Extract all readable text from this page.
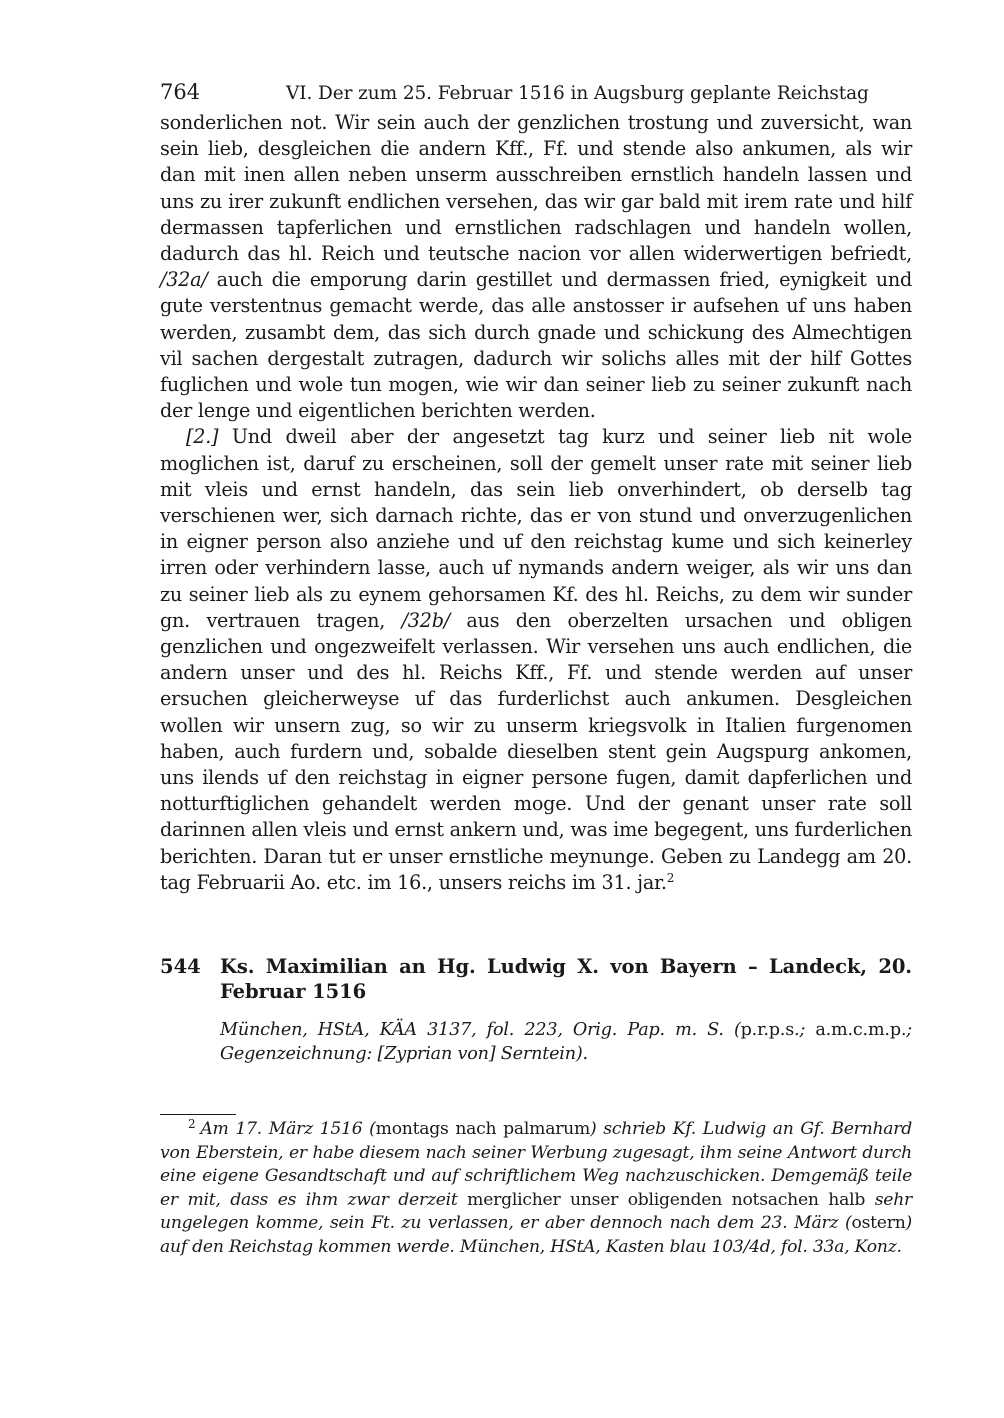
764	VI. Der zum 25. Februar 1516 in Augsburg geplante Reichstag

sonderlichen not. Wir sein auch der genzlichen trostung und zuversicht, wan sein lieb, desgleichen die andern Kff., Ff. und stende also ankumen, als wir dan mit inen allen neben unserm ausschreiben ernstlich handeln lassen und uns zu irer zukunft endlichen versehen, das wir gar bald mit irem rate und hilf dermassen tapferlichen und ernstlichen radschlagen und handeln wollen, dadurch das hl. Reich und teutsche nacion vor allen widerwertigen befriedt, /32a/ auch die emporung darin gestillet und dermassen fried, eynigkeit und gute verstentnus gemacht werde, das alle anstosser ir aufsehen uf uns haben werden, zusambt dem, das sich durch gnade und schickung des Almechtigen vil sachen dergestalt zutragen, dadurch wir solichs alles mit der hilf Gottes fuglichen und wole tun mogen, wie wir dan seiner lieb zu seiner zukunft nach der lenge und eigentlichen berichten werden.

[2.] Und dweil aber der angesetzt tag kurz und seiner lieb nit wole moglichen ist, daruf zu erscheinen, soll der gemelt unser rate mit seiner lieb mit vleis und ernst handeln, das sein lieb onverhindert, ob derselb tag verschienen wer, sich darnach richte, das er von stund und onverzugenlichen in eigner person also anziehe und uf den reichstag kume und sich keinerley irren oder verhindern lasse, auch uf nymands andern weiger, als wir uns dan zu seiner lieb als zu eynem gehorsamen Kf. des hl. Reichs, zu dem wir sunder gn. vertrauen tragen, /32b/ aus den oberzelten ursachen und obligen genzlichen und ongezweifelt verlassen. Wir versehen uns auch endlichen, die andern unser und des hl. Reichs Kff., Ff. und stende werden auf unser ersuchen gleicherweyse uf das furderlichst auch ankumen. Desgleichen wollen wir unsern zug, so wir zu unserm kriegsvolk in Italien furgenomen haben, auch furdern und, sobalde dieselben stent gein Augspurg ankomen, uns ilends uf den reichstag in eigner persone fugen, damit dapferlichen und notturftiglichen gehandelt werden moge. Und der genant unser rate soll darinnen allen vleis und ernst ankern und, was ime begegent, uns furderlichen berichten. Daran tut er unser ernstliche meynunge. Geben zu Landegg am 20. tag Februarii Ao. etc. im 16., unsers reichs im 31. jar.$^2$

544 Ks. Maximilian an Hg. Ludwig X. von Bayern – Landeck, 20. Februar 1516
München, HStA, KÄA 3137, fol. 223, Orig. Pap. m. S. (p.r.p.s.; a.m.c.m.p.; Gegenzeichnung: [Zyprian von] Serntein).
$^2$ Am 17. März 1516 (montags nach palmarum) schrieb Kf. Ludwig an Gf. Bernhard von Eberstein, er habe diesem nach seiner Werbung zugesagt, ihm seine Antwort durch eine eigene Gesandtschaft und auf schriftlichem Weg nachzuschicken. Demgemäß teile er mit, dass es ihm zwar derzeit merglicher unser obligenden notsachen halb sehr ungelegen komme, sein Ft. zu verlassen, er aber dennoch nach dem 23. März (ostern) auf den Reichstag kommen werde. München, HStA, Kasten blau 103/4d, fol. 33a, Konz.
